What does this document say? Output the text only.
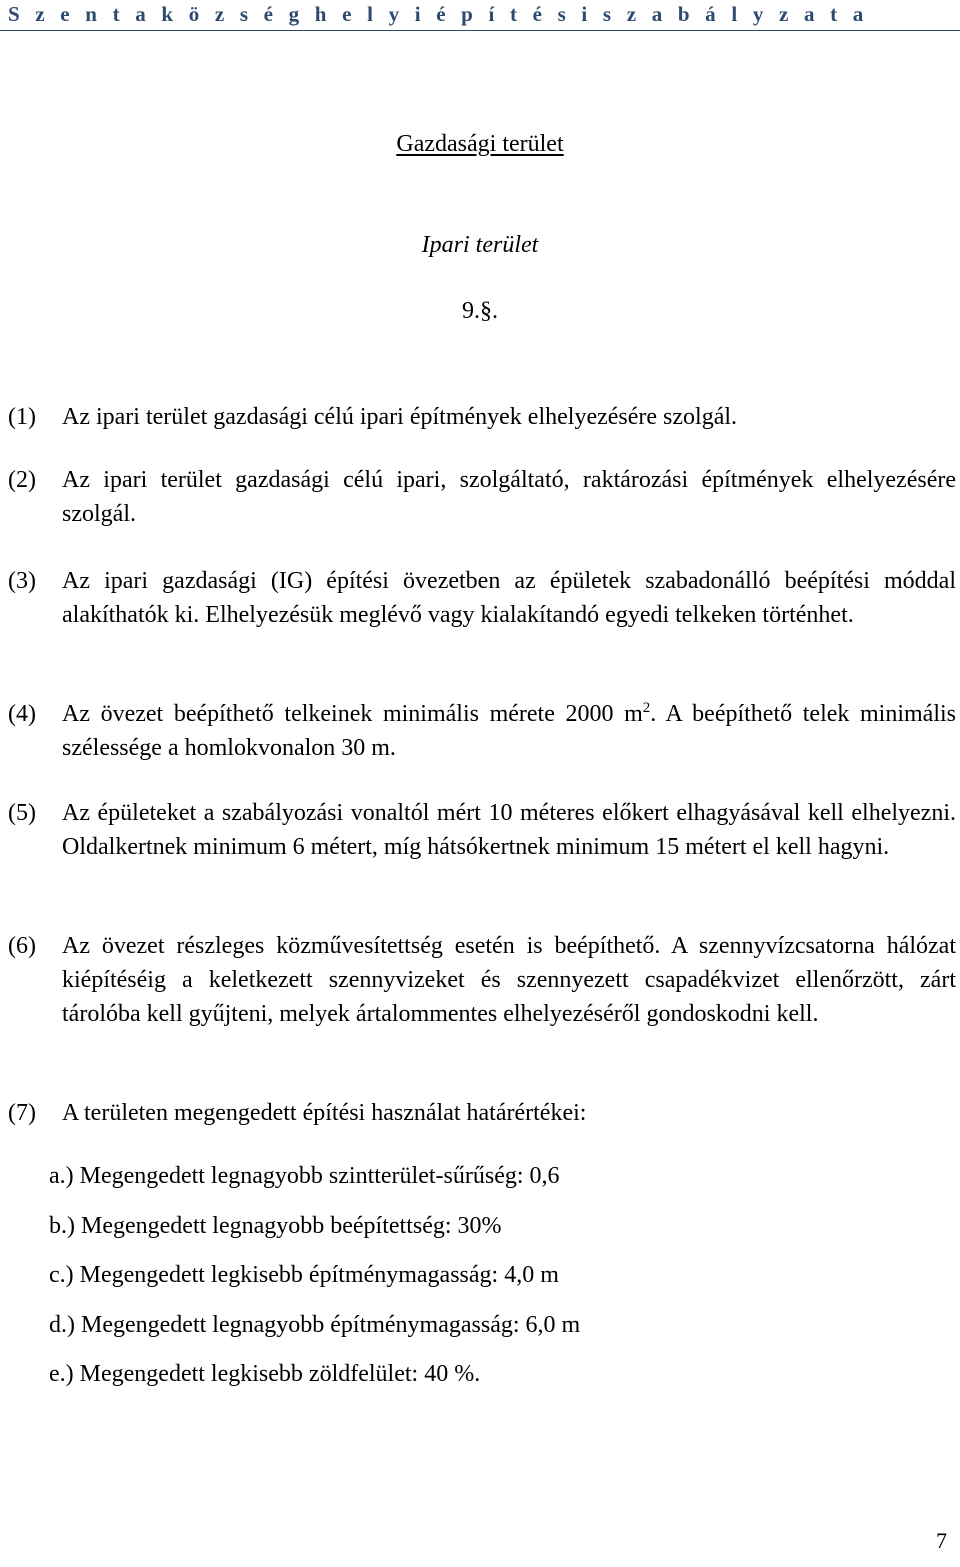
S z e n t a k ö z s é g h e l y i é p í t é s i s z a b á l y z a t a
Gazdasági terület
Ipari terület
9.§.
(1) Az ipari terület gazdasági célú ipari építmények elhelyezésére szolgál.
(2) Az ipari terület gazdasági célú ipari, szolgáltató, raktározási építmények elhelyezésére szolgál.
(3) Az ipari gazdasági (IG) építési övezetben az épületek szabadonálló beépítési móddal alakíthatók ki. Elhelyezésük meglévő vagy kialakítandó egyedi telkeken történhet.
(4) Az övezet beépíthető telkeinek minimális mérete 2000 $m^2$. A beépíthető telek minimális szélessége a homlokvonalon 30 m.
(5) Az épületeket a szabályozási vonaltól mért 10 méteres előkert elhagyásával kell elhelyezni. Oldalkertnek minimum 6 métert, míg hátsókertnek minimum 15 métert el kell hagyni.
(6) Az övezet részleges közművesítettség esetén is beépíthető. A szennyvízcsatorna hálózat kiépítéséig a keletkezett szennyvizeket és szennyezett csapadékvizet ellenőrzött, zárt tárolóba kell gyűjteni, melyek ártalommentes elhelyezéséről gondoskodni kell.
(7) A területen megengedett építési használat határértékei:
a.) Megengedett legnagyobb szintterület-sűrűség: 0,6
b.) Megengedett legnagyobb beépítettség: 30%
c.) Megengedett legkisebb építménymagasság: 4,0 m
d.) Megengedett legnagyobb építménymagasság: 6,0 m
e.) Megengedett legkisebb zöldfelület: 40 %.
7
